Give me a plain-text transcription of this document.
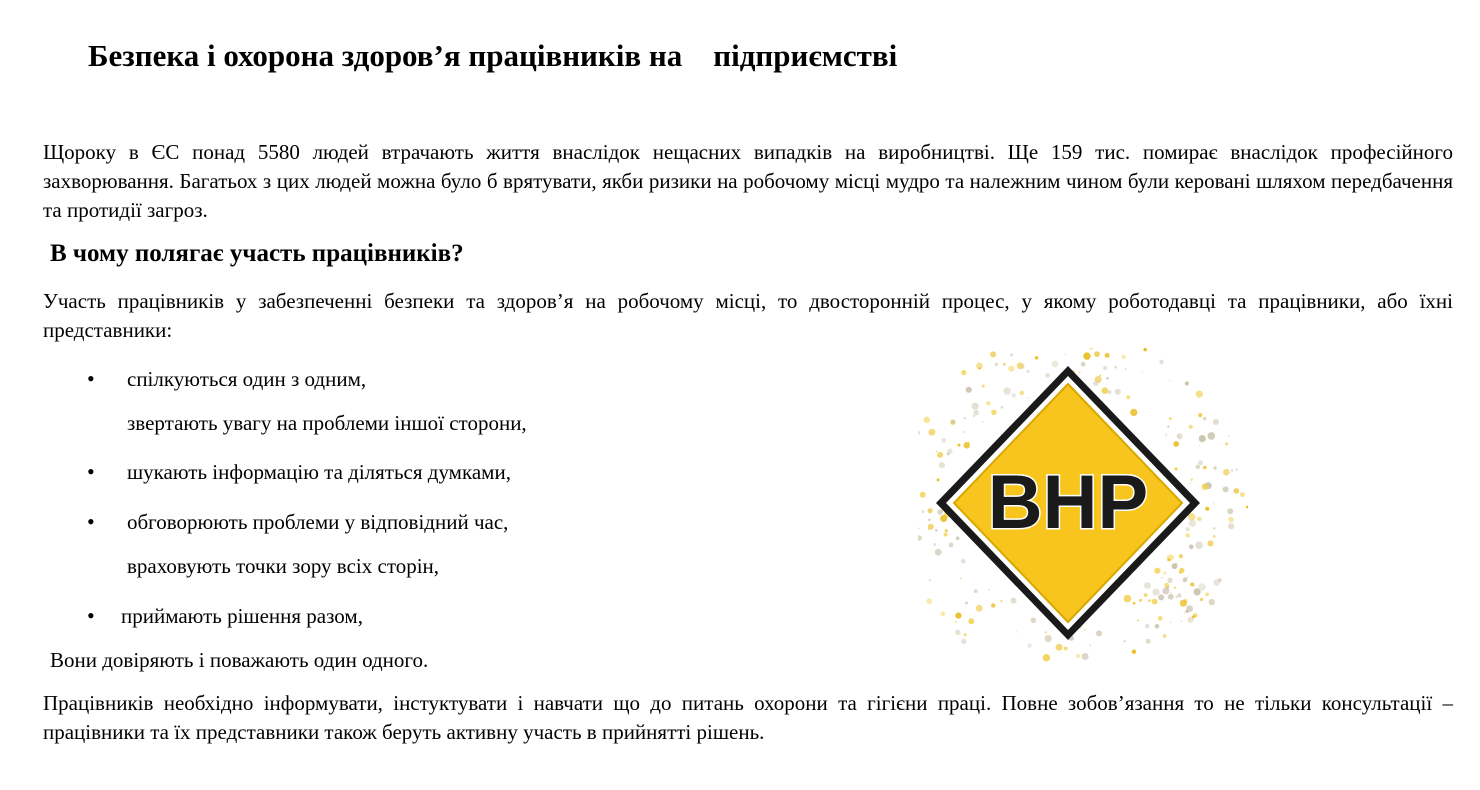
Безпека і охорона здоров’я працівників на    підприємстві

Щороку в ЄС понад 5580 людей втрачають життя внаслідок нещасних випадків на виробництві. Ще 159 тис. помирає внаслідок професійного захворювання. Багатьох з цих людей можна було б врятувати, якби ризики на робочому місці мудро та належним чином були керовані шляхом передбачення та протидії загроз.

В чому полягає участь працівників?

Участь працівників у забезпеченні безпеки та здоров’я на робочому місці, то двосторонній процес, у якому роботодавці та працівники, або їхні представники:

• спілкуються один з одним,
звертають увагу на проблеми іншої сторони,
• шукають інформацію та діляться думками,
• обговорюють проблеми у відповідний час,
враховують точки зору всіх сторін,
• приймають рішення разом,

Вони довіряють і поважають один одного.

Працівників необхідно інформувати, інстуктувати і навчати що до питань охорони та гігієни праці. Повне зобов’язання то не тільки консультації – працівники та їх представники також беруть активну участь в прийнятті рішень.

BHP
